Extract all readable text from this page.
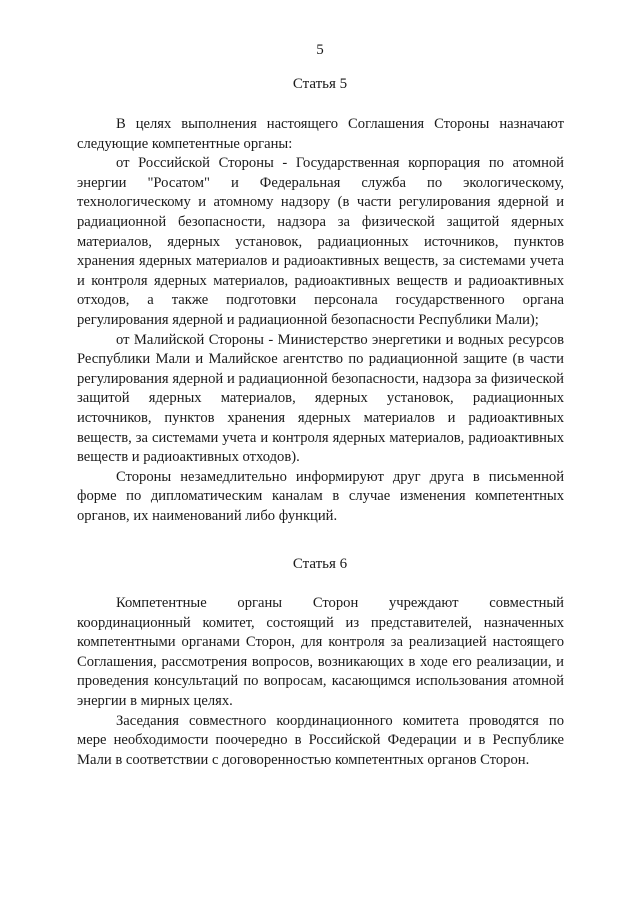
5
Статья 5

В целях выполнения настоящего Соглашения Стороны назначают следующие компетентные органы:

от Российской Стороны - Государственная корпорация по атомной энергии "Росатом" и Федеральная служба по экологическому, технологическому и атомному надзору (в части регулирования ядерной и радиационной безопасности, надзора за физической защитой ядерных материалов, ядерных установок, радиационных источников, пунктов хранения ядерных материалов и радиоактивных веществ, за системами учета и контроля ядерных материалов, радиоактивных веществ и радиоактивных отходов, а также подготовки персонала государственного органа регулирования ядерной и радиационной безопасности Республики Мали);

от Малийской Стороны - Министерство энергетики и водных ресурсов Республики Мали и Малийское агентство по радиационной защите (в части регулирования ядерной и радиационной безопасности, надзора за физической защитой ядерных материалов, ядерных установок, радиационных источников, пунктов хранения ядерных материалов и радиоактивных веществ, за системами учета и контроля ядерных материалов, радиоактивных веществ и радиоактивных отходов).

Стороны незамедлительно информируют друг друга в письменной форме по дипломатическим каналам в случае изменения компетентных органов, их наименований либо функций.

Статья 6

Компетентные органы Сторон учреждают совместный координационный комитет, состоящий из представителей, назначенных компетентными органами Сторон, для контроля за реализацией настоящего Соглашения, рассмотрения вопросов, возникающих в ходе его реализации, и проведения консультаций по вопросам, касающимся использования атомной энергии в мирных целях.

Заседания совместного координационного комитета проводятся по мере необходимости поочередно в Российской Федерации и в Республике Мали в соответствии с договоренностью компетентных органов Сторон.
